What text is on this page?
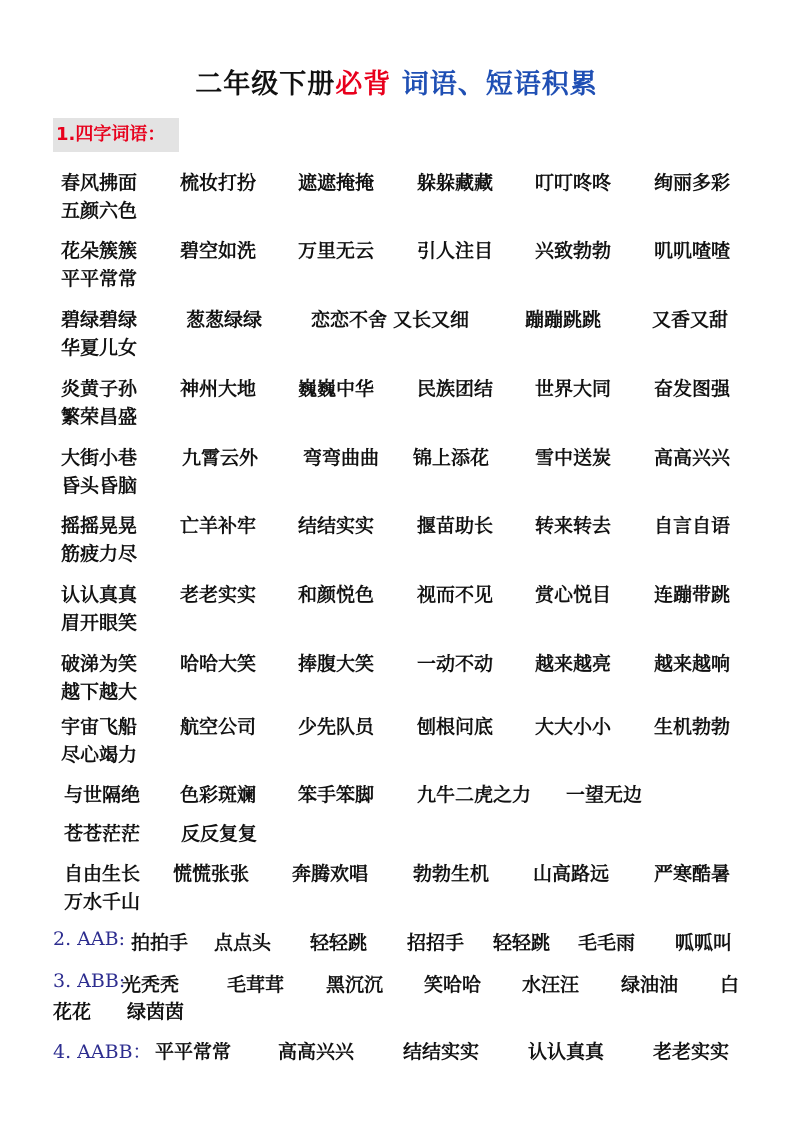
二年级下册必背 词语、短语积累
1.四字词语：
春风拂面 梳妆打扮 遮遮掩掩 躲躲藏藏 叮叮咚咚 绚丽多彩
五颜六色
花朵簇簇 碧空如洗 万里无云 引人注目 兴致勃勃 叽叽喳喳
平平常常
碧绿碧绿	葱葱绿绿	恋恋不舍 又长又细	蹦蹦跳跳	又香又甜
华夏儿女
炎黄子孙 神州大地 巍巍中华 民族团结 世界大同 奋发图强
繁荣昌盛
大街小巷 九霄云外 弯弯曲曲 锦上添花 雪中送炭 高高兴兴
昏头昏脑
摇摇晃晃 亡羊补牢 结结实实 揠苗助长 转来转去 自言自语
筋疲力尽
认认真真 老老实实 和颜悦色 视而不见 赏心悦目 连蹦带跳
眉开眼笑
破涕为笑 哈哈大笑 捧腹大笑 一动不动 越来越亮 越来越响
越下越大
宇宙飞船 航空公司 少先队员 刨根问底 大大小小 生机勃勃
尽心竭力
与世隔绝 色彩斑斓 笨手笨脚 九牛二虎之力 一望无边
苍苍茫茫 反反复复
自由生长 慌慌张张 奔腾欢唱 勃勃生机 山高路远 严寒酷暑
万水千山
2. AAB: 拍拍手 点点头 轻轻跳 招招手 轻轻跳 毛毛雨 呱呱叫
3. ABB:
光秃秃	毛茸茸 黑沉沉 笑哈哈 水汪汪 绿油油 白
花花 绿茵茵
4. AABB： 平平常常 高高兴兴	结结实实	认认真真	老老实实
